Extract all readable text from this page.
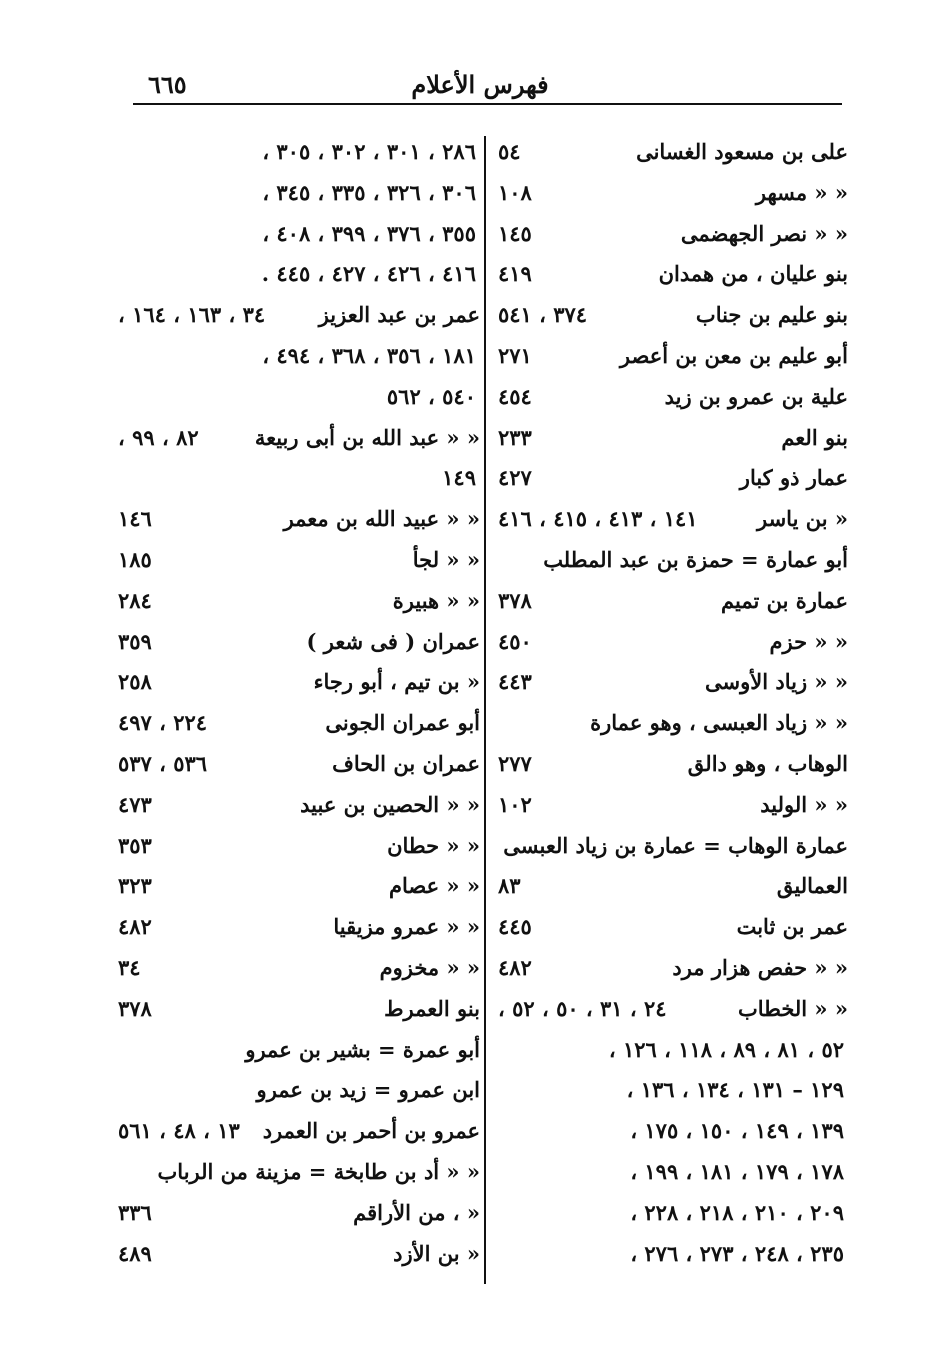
فهرس الأعلام
٦٦٥
على بن مسعود الغسانى
٥٤
« « مسهر
١٠٨
« « نصر الجهضمى
١٤٥
بنو عليان ، من همدان
٤١٩
بنو عليم بن جناب
٣٧٤ ، ٥٤١
أبو عليم بن معن بن أعصر
٢٧١
علية بن عمرو بن زيد
٤٥٤
بنو العم
٢٣٣
عمار ذو كبار
٤٢٧
« بن ياسر
١٤١ ، ٤١٣ ، ٤١٥ ، ٤١٦
أبو عمارة = حمزة بن عبد المطلب
عمارة بن تميم
٣٧٨
« « حزم
٤٥٠
« « زياد الأوسى
٤٤٣
« « زياد العبسى ، وهو عمارة
الوهاب ، وهو دالق
٢٧٧
« « الوليد
١٠٢
عمارة الوهاب = عمارة بن زياد العبسى
العماليق
٨٣
عمر بن ثابت
٤٤٥
« « حفص هزار مرد
٤٨٢
« « الخطاب
٢٤ ، ٣١ ، ٥٠ ، ٥٢ ،
٥٢ ، ٨١ ، ٨٩ ، ١١٨ ، ١٢٦ ،
١٢٩ – ١٣١ ، ١٣٤ ، ١٣٦ ،
١٣٩ ، ١٤٩ ، ١٥٠ ، ١٧٥ ،
١٧٨ ، ١٧٩ ، ١٨١ ، ١٩٩ ،
٢٠٩ ، ٢١٠ ، ٢١٨ ، ٢٢٨ ،
٢٣٥ ، ٢٤٨ ، ٢٧٣ ، ٢٧٦ ،
٢٨٦ ، ٣٠١ ، ٣٠٢ ، ٣٠٥ ،
٣٠٦ ، ٣٢٦ ، ٣٣٥ ، ٣٤٥ ،
٣٥٥ ، ٣٧٦ ، ٣٩٩ ، ٤٠٨ ،
٤١٦ ، ٤٢٦ ، ٤٢٧ ، ٤٤٥ .
عمر بن عبد العزيز
٣٤ ، ١٦٣ ، ١٦٤ ،
١٨١ ، ٣٥٦ ، ٣٦٨ ، ٤٩٤ ،
٥٤٠ ، ٥٦٢
« « عبد الله بن أبى ربيعة
٨٢ ، ٩٩ ،
١٤٩
« « عبيد الله بن معمر
١٤٦
« « لجأ
١٨٥
« « هبيرة
٢٨٤
عمران ( فى شعر )
٣٥٩
« بن تيم ، أبو رجاء
٢٥٨
أبو عمران الجونى
٢٢٤ ، ٤٩٧
عمران بن الحاف
٥٣٦ ، ٥٣٧
« « الحصين بن عبيد
٤٧٣
« « حطان
٣٥٣
« « عصام
٣٢٣
« « عمرو مزيقيا
٤٨٢
« « مخزوم
٣٤
بنو العمرط
٣٧٨
أبو عمرة = بشير بن عمرو
ابن عمرو = زيد بن عمرو
عمرو بن أحمر بن العمرد
١٣ ، ٤٨ ، ٥٦١
« « أد بن طابخة = مزينة من الرباب
« ، من الأراقم
٣٣٦
« بن الأزد
٤٨٩
